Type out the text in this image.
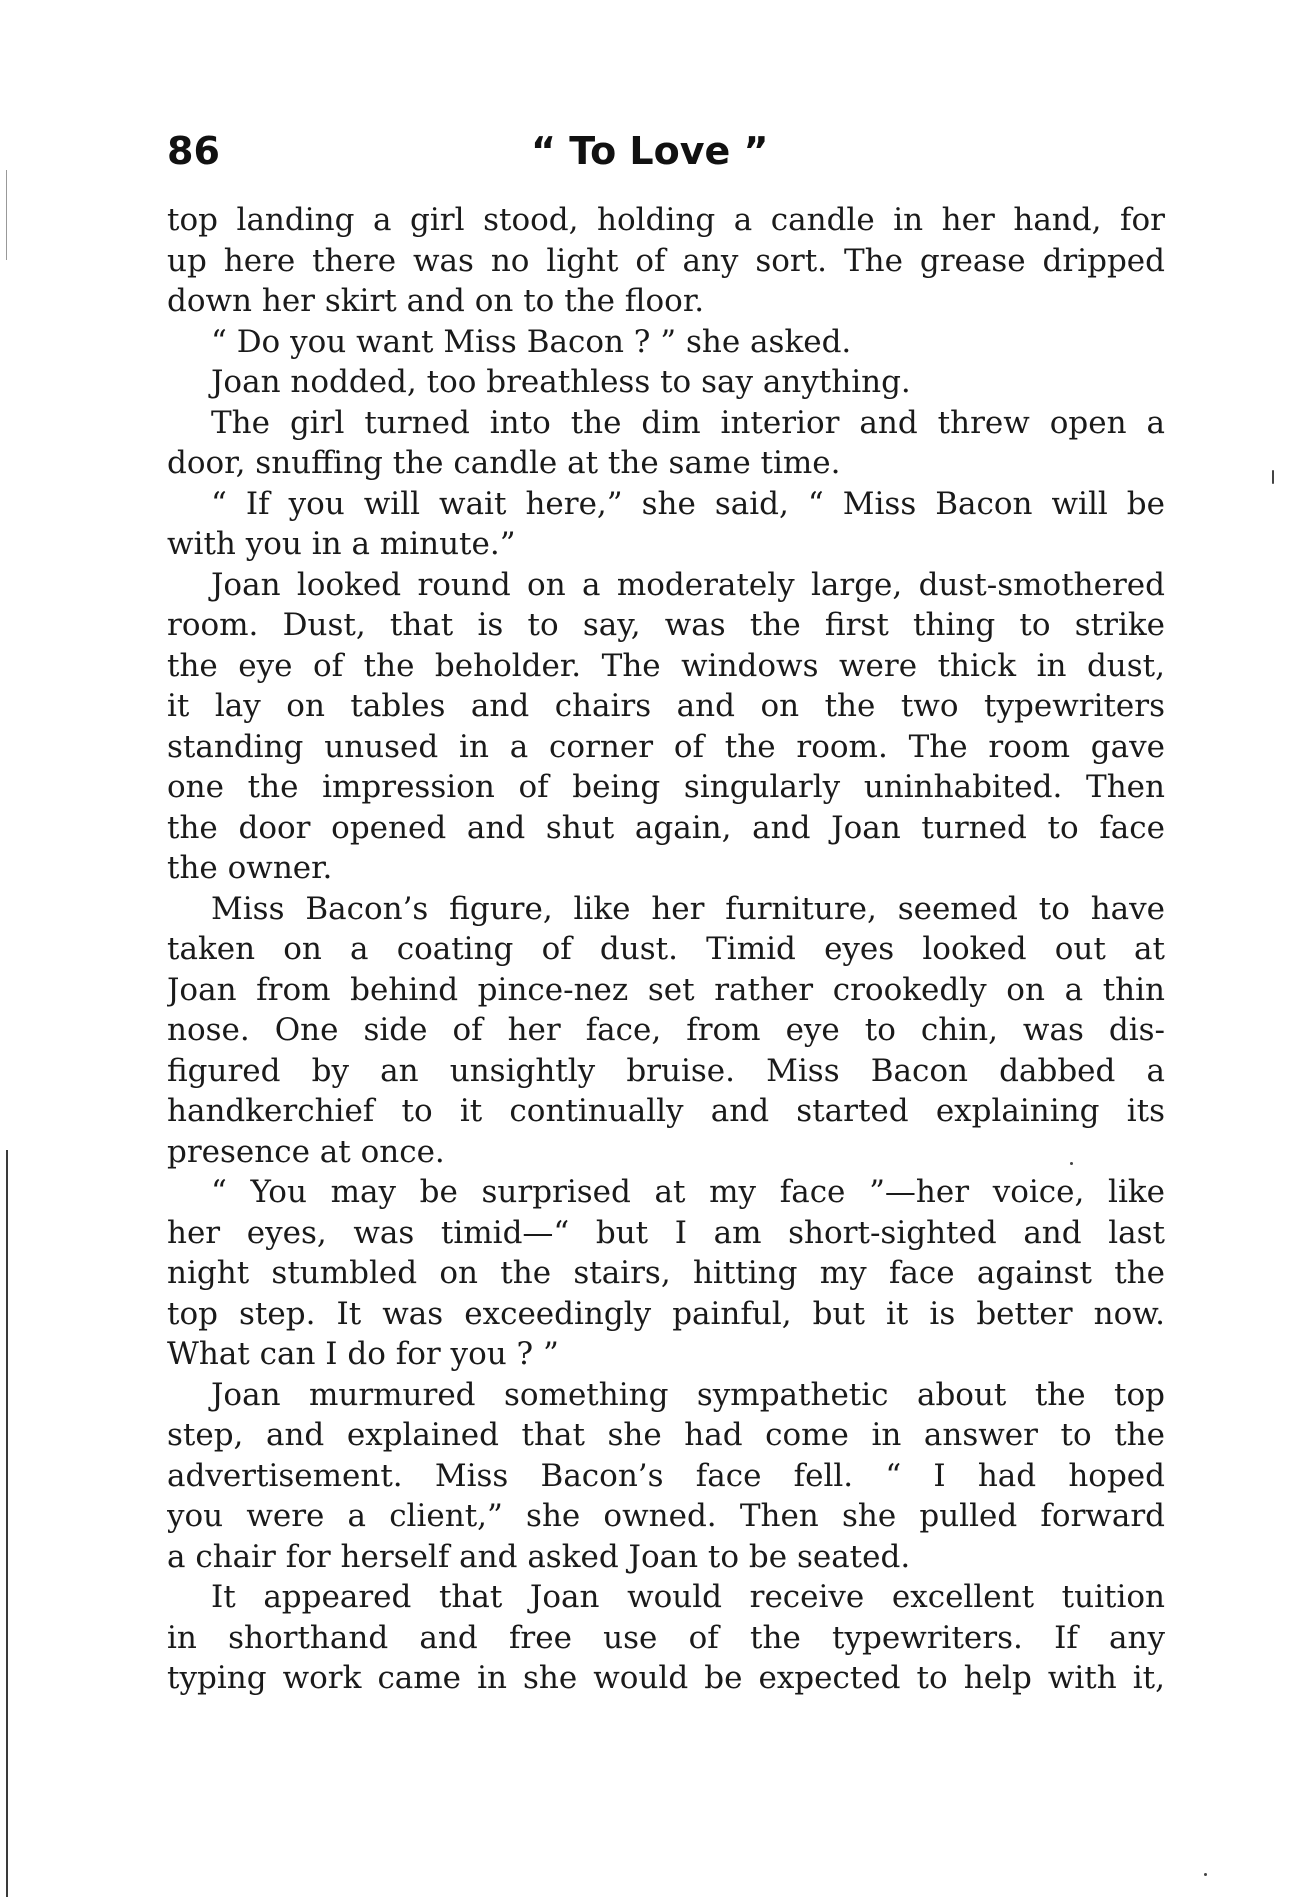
86	“ To Love ”
top landing a girl stood, holding a candle in her hand, for
up here there was no light of any sort. The grease dripped
down her skirt and on to the floor.
“ Do you want Miss Bacon ? ” she asked.
Joan nodded, too breathless to say anything.
The girl turned into the dim interior and threw open a
door, snuffing the candle at the same time.
“ If you will wait here,” she said, “ Miss Bacon will be
with you in a minute.”
Joan looked round on a moderately large, dust-smothered
room. Dust, that is to say, was the first thing to strike
the eye of the beholder. The windows were thick in dust,
it lay on tables and chairs and on the two typewriters
standing unused in a corner of the room. The room gave
one the impression of being singularly uninhabited. Then
the door opened and shut again, and Joan turned to face
the owner.
Miss Bacon’s figure, like her furniture, seemed to have
taken on a coating of dust. Timid eyes looked out at
Joan from behind pince-nez set rather crookedly on a thin
nose. One side of her face, from eye to chin, was dis-
figured by an unsightly bruise. Miss Bacon dabbed a
handkerchief to it continually and started explaining its
presence at once.
“ You may be surprised at my face ”—her voice, like
her eyes, was timid—“ but I am short-sighted and last
night stumbled on the stairs, hitting my face against the
top step. It was exceedingly painful, but it is better now.
What can I do for you ? ”
Joan murmured something sympathetic about the top
step, and explained that she had come in answer to the
advertisement. Miss Bacon’s face fell. “ I had hoped
you were a client,” she owned. Then she pulled forward
a chair for herself and asked Joan to be seated.
It appeared that Joan would receive excellent tuition
in shorthand and free use of the typewriters. If any
typing work came in she would be expected to help with it,
